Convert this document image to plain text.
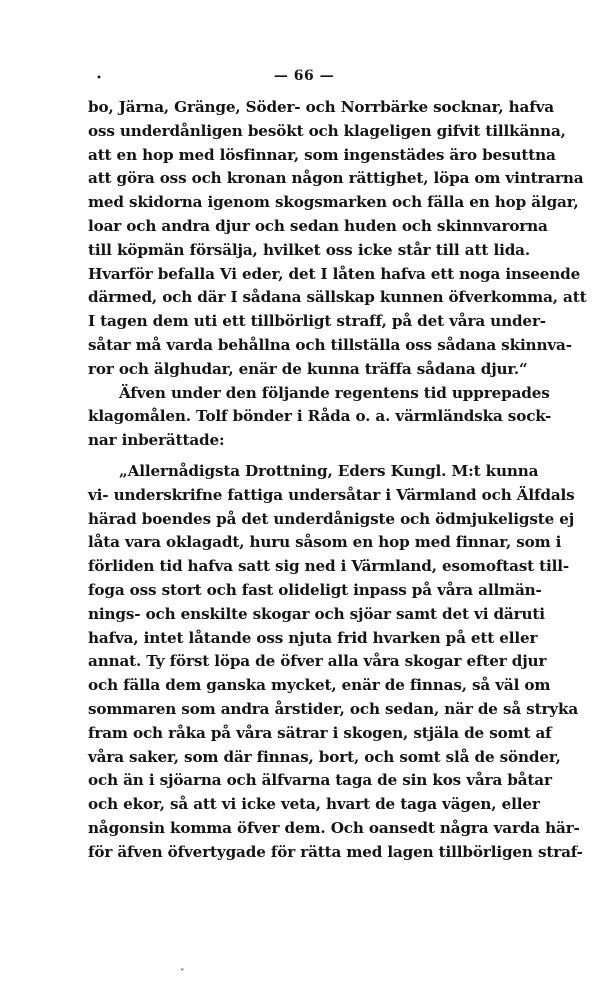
•	— 66 —
bo, Järna, Gränge, Söder- och Norrbärke socknar, hafva
oss underdånligen besökt och klageligen gifvit tillkänna,
att en hop med lösfinnar, som ingenstädes äro besuttna
att göra oss och kronan någon rättighet, löpa om vintrarna
med skidorna igenom skogsmarken och fälla en hop älgar,
loar och andra djur och sedan huden och skinnvarorna
till köpmän försälja, hvilket oss icke står till att lida.
Hvarför befalla Vi eder, det I låten hafva ett noga inseende
därmed, och där I sådana sällskap kunnen öfverkomma, att
I tagen dem uti ett tillbörligt straff, på det våra under-
såtar må varda behållna och tillställa oss sådana skinnva-
ror och älghudar, enär de kunna träffa sådana djur.“
Äfven under den följande regentens tid upprepades
klagomålen. Tolf bönder i Råda o. a. värmländska sock-
nar inberättade:
„Allernådigsta Drottning, Eders Kungl. M:t kunna
vi- underskrifne fattiga undersåtar i Värmland och Älfdals
härad boendes på det underdånigste och ödmjukeligste ej
låta vara oklagadt, huru såsom en hop med finnar, som i
förliden tid hafva satt sig ned i Värmland, esomoftast till-
foga oss stort och fast olideligt inpass på våra allmän-
nings- och enskilte skogar och sjöar samt det vi däruti
hafva, intet låtande oss njuta frid hvarken på ett eller
annat. Ty först löpa de öfver alla våra skogar efter djur
och fälla dem ganska mycket, enär de finnas, så väl om
sommaren som andra årstider, och sedan, när de så stryka
fram och råka på våra sätrar i skogen, stjäla de somt af
våra saker, som där finnas, bort, och somt slå de sönder,
och än i sjöarna och älfvarna taga de sin kos våra båtar
och ekor, så att vi icke veta, hvart de taga vägen, eller
någonsin komma öfver dem. Och oansedt några varda här-
för äfven öfvertygade för rätta med lagen tillbörligen straf-
˅
